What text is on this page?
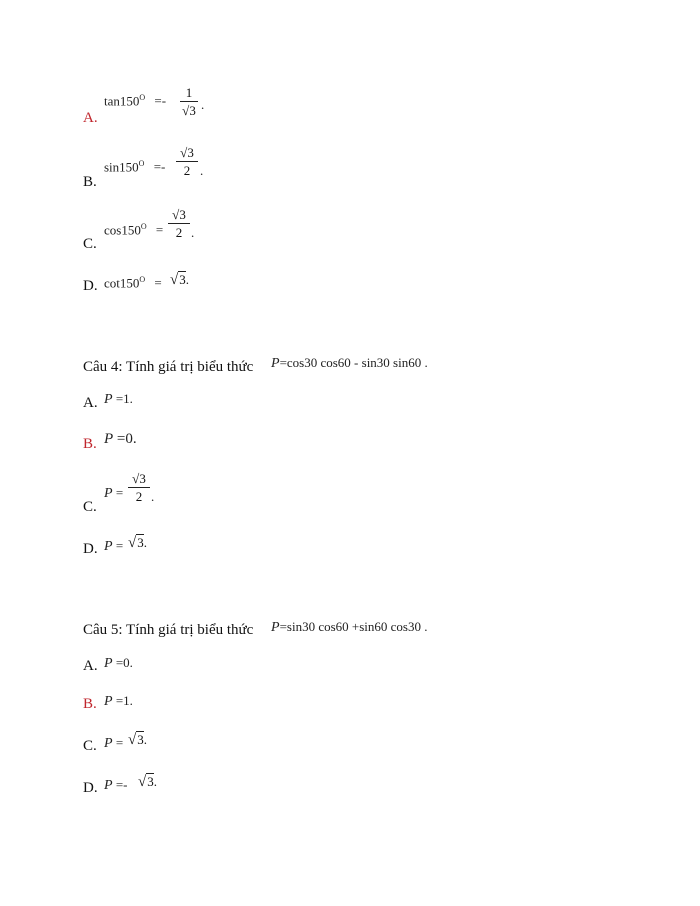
A.
$\tan 150^O$ =-
1
√3 .
B.
$\sin 150^O$ =-
√3
2 .
C.
$\cos 150^O$ =
√3
2 .
D. $\cot 150^O = √3$.
Câu 4: Tính giá trị biểu thức P=cos30 cos60 - sin30 sin60 .
A. P =1.
B. P =0.
C.
P =
√3
2 .
D. P = √3.
Câu 5: Tính giá trị biểu thức P=sin30 cos60 +sin60 cos30 .
A. P =0.
B. P =1.
C. P = √3.
D. P =- √3.
